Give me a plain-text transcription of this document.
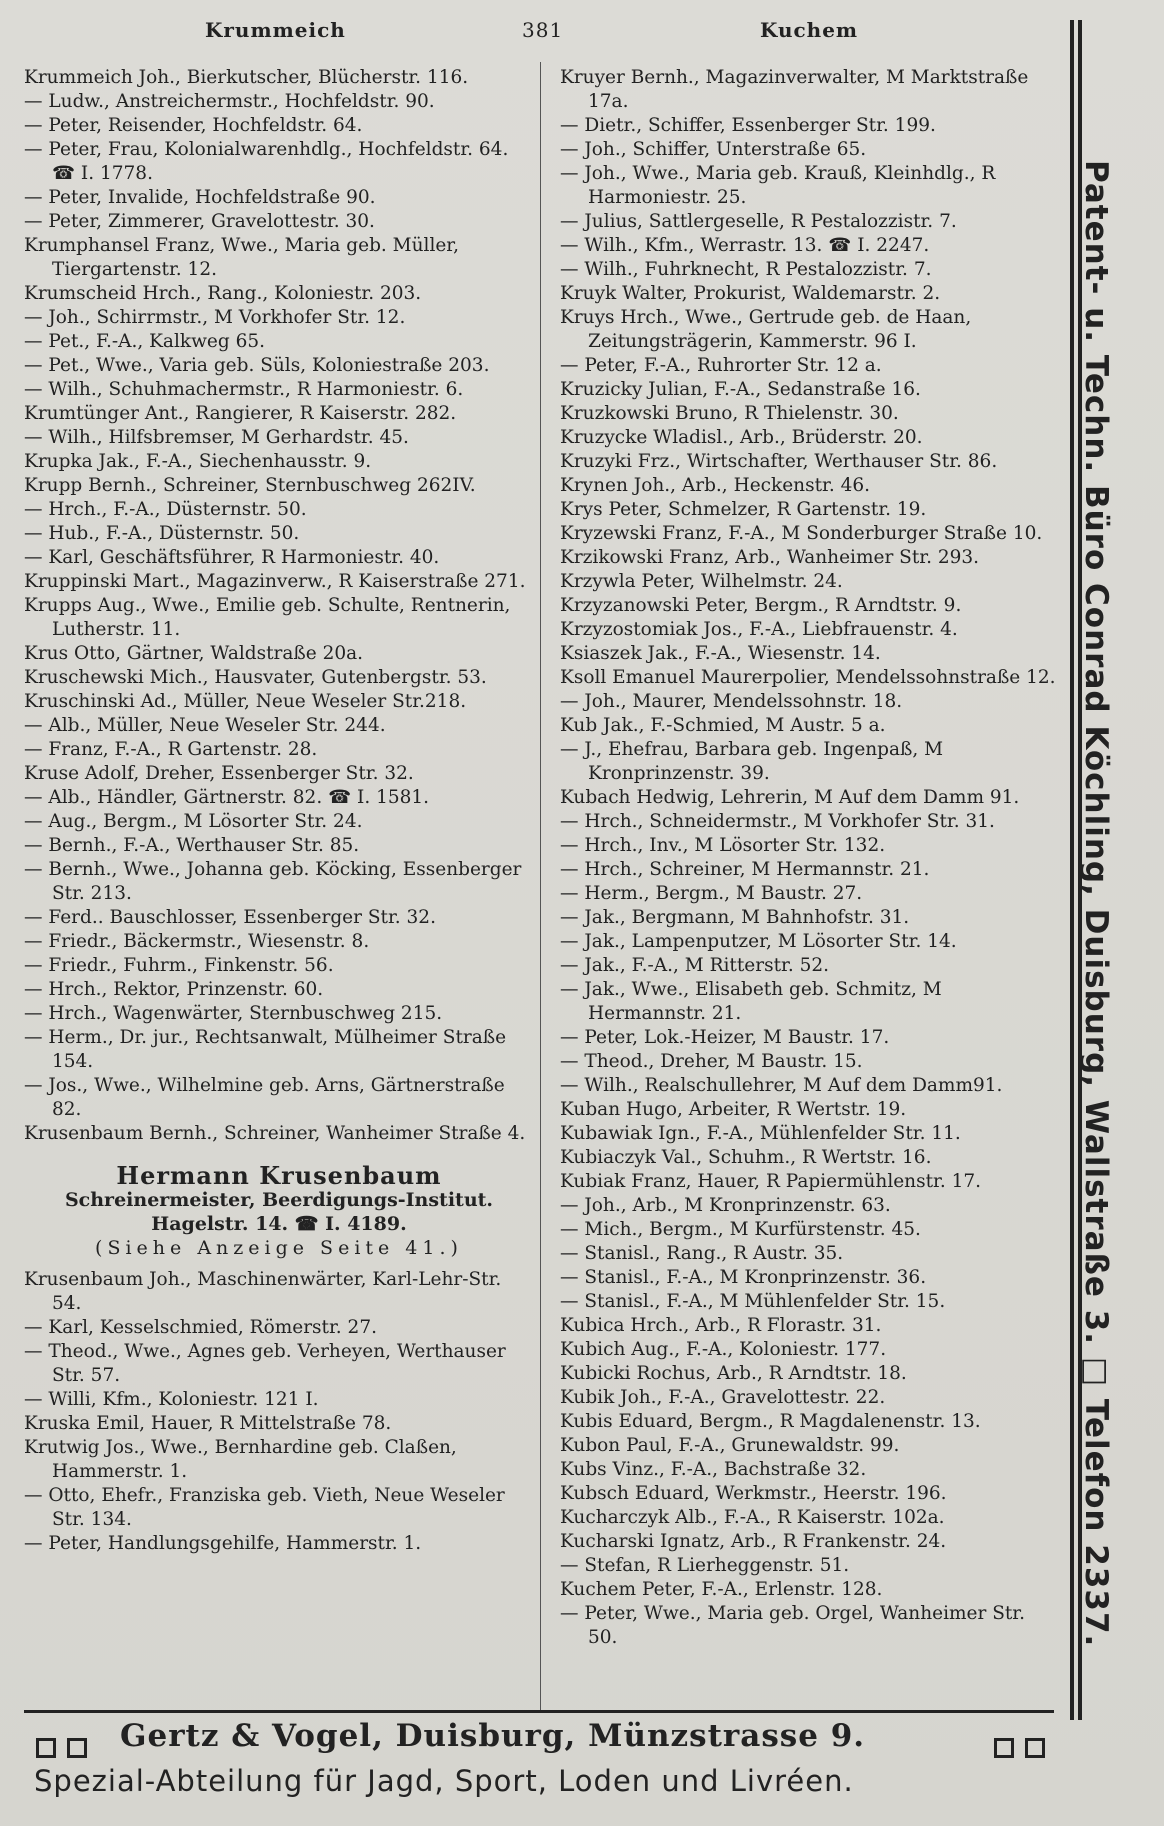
Krummeich	381	Kuchem

Krummeich Joh., Bierkutscher, Blücherstr. 116.

— Ludw., Anstreichermstr., Hochfeldstr. 90.

— Peter, Reisender, Hochfeldstr. 64.

— Peter, Frau, Kolonialwarenhdlg., Hochfeldstr. 64. ☎ I. 1778.

— Peter, Invalide, Hochfeldstraße 90.

— Peter, Zimmerer, Gravelottestr. 30.

Krumphansel Franz, Wwe., Maria geb. Müller, Tiergartenstr. 12.

Krumscheid Hrch., Rang., Koloniestr. 203.

— Joh., Schirrmstr., M Vorkhofer Str. 12.

— Pet., F.-A., Kalkweg 65.

— Pet., Wwe., Varia geb. Süls, Koloniestraße 203.

— Wilh., Schuhmachermstr., R Harmoniestr. 6.

Krumtünger Ant., Rangierer, R Kaiserstr. 282.

— Wilh., Hilfsbremser, M Gerhardstr. 45.

Krupka Jak., F.-A., Siechenhausstr. 9.

Krupp Bernh., Schreiner, Sternbuschweg 262IV.

— Hrch., F.-A., Düsternstr. 50.

— Hub., F.-A., Düsternstr. 50.

— Karl, Geschäftsführer, R Harmoniestr. 40.

Kruppinski Mart., Magazinverw., R Kaiserstraße 271.

Krupps Aug., Wwe., Emilie geb. Schulte, Rentnerin, Lutherstr. 11.

Krus Otto, Gärtner, Waldstraße 20a.

Kruschewski Mich., Hausvater, Gutenbergstr. 53.

Kruschinski Ad., Müller, Neue Weseler Str.218.

— Alb., Müller, Neue Weseler Str. 244.

— Franz, F.-A., R Gartenstr. 28.

Kruse Adolf, Dreher, Essenberger Str. 32.

— Alb., Händler, Gärtnerstr. 82. ☎ I. 1581.

— Aug., Bergm., M Lösorter Str. 24.

— Bernh., F.-A., Werthauser Str. 85.

— Bernh., Wwe., Johanna geb. Köcking, Essenberger Str. 213.

— Ferd.. Bauschlosser, Essenberger Str. 32.

— Friedr., Bäckermstr., Wiesenstr. 8.

— Friedr., Fuhrm., Finkenstr. 56.

— Hrch., Rektor, Prinzenstr. 60.

— Hrch., Wagenwärter, Sternbuschweg 215.

— Herm., Dr. jur., Rechtsanwalt, Mülheimer Straße 154.

— Jos., Wwe., Wilhelmine geb. Arns, Gärtnerstraße 82.

Krusenbaum Bernh., Schreiner, Wanheimer Straße 4.

Hermann Krusenbaum
Schreinermeister, Beerdigungs-Institut.
Hagelstr. 14. ☎ I. 4189.
(Siehe Anzeige Seite 41.)

Krusenbaum Joh., Maschinenwärter, Karl-Lehr-Str. 54.

— Karl, Kesselschmied, Römerstr. 27.

— Theod., Wwe., Agnes geb. Verheyen, Werthauser Str. 57.

— Willi, Kfm., Koloniestr. 121 I.

Kruska Emil, Hauer, R Mittelstraße 78.

Krutwig Jos., Wwe., Bernhardine geb. Claßen, Hammerstr. 1.

— Otto, Ehefr., Franziska geb. Vieth, Neue Weseler Str. 134.

— Peter, Handlungsgehilfe, Hammerstr. 1.

Kruyer Bernh., Magazinverwalter, M Marktstraße 17a.

— Dietr., Schiffer, Essenberger Str. 199.

— Joh., Schiffer, Unterstraße 65.

— Joh., Wwe., Maria geb. Krauß, Kleinhdlg., R Harmoniestr. 25.

— Julius, Sattlergeselle, R Pestalozzistr. 7.

— Wilh., Kfm., Werrastr. 13. ☎ I. 2247.

— Wilh., Fuhrknecht, R Pestalozzistr. 7.

Kruyk Walter, Prokurist, Waldemarstr. 2.

Kruys Hrch., Wwe., Gertrude geb. de Haan, Zeitungsträgerin, Kammerstr. 96 I.

— Peter, F.-A., Ruhrorter Str. 12 a.

Kruzicky Julian, F.-A., Sedanstraße 16.

Kruzkowski Bruno, R Thielenstr. 30.

Kruzycke Wladisl., Arb., Brüderstr. 20.

Kruzyki Frz., Wirtschafter, Werthauser Str. 86.

Krynen Joh., Arb., Heckenstr. 46.

Krys Peter, Schmelzer, R Gartenstr. 19.

Kryzewski Franz, F.-A., M Sonderburger Straße 10.

Krzikowski Franz, Arb., Wanheimer Str. 293.

Krzywla Peter, Wilhelmstr. 24.

Krzyzanowski Peter, Bergm., R Arndtstr. 9.

Krzyzostomiak Jos., F.-A., Liebfrauenstr. 4.

Ksiaszek Jak., F.-A., Wiesenstr. 14.

Ksoll Emanuel Maurerpolier, Mendelssohnstraße 12.

— Joh., Maurer, Mendelssohnstr. 18.

Kub Jak., F.-Schmied, M Austr. 5 a.

— J., Ehefrau, Barbara geb. Ingenpaß, M Kronprinzenstr. 39.

Kubach Hedwig, Lehrerin, M Auf dem Damm 91.

— Hrch., Schneidermstr., M Vorkhofer Str. 31.

— Hrch., Inv., M Lösorter Str. 132.

— Hrch., Schreiner, M Hermannstr. 21.

— Herm., Bergm., M Baustr. 27.

— Jak., Bergmann, M Bahnhofstr. 31.

— Jak., Lampenputzer, M Lösorter Str. 14.

— Jak., F.-A., M Ritterstr. 52.

— Jak., Wwe., Elisabeth geb. Schmitz, M Hermannstr. 21.

— Peter, Lok.-Heizer, M Baustr. 17.

— Theod., Dreher, M Baustr. 15.

— Wilh., Realschullehrer, M Auf dem Damm91.

Kuban Hugo, Arbeiter, R Wertstr. 19.

Kubawiak Ign., F.-A., Mühlenfelder Str. 11.

Kubiaczyk Val., Schuhm., R Wertstr. 16.

Kubiak Franz, Hauer, R Papiermühlenstr. 17.

— Joh., Arb., M Kronprinzenstr. 63.

— Mich., Bergm., M Kurfürstenstr. 45.

— Stanisl., Rang., R Austr. 35.

— Stanisl., F.-A., M Kronprinzenstr. 36.

— Stanisl., F.-A., M Mühlenfelder Str. 15.

Kubica Hrch., Arb., R Florastr. 31.

Kubich Aug., F.-A., Koloniestr. 177.

Kubicki Rochus, Arb., R Arndtstr. 18.

Kubik Joh., F.-A., Gravelottestr. 22.

Kubis Eduard, Bergm., R Magdalenenstr. 13.

Kubon Paul, F.-A., Grunewaldstr. 99.

Kubs Vinz., F.-A., Bachstraße 32.

Kubsch Eduard, Werkmstr., Heerstr. 196.

Kucharczyk Alb., F.-A., R Kaiserstr. 102a.

Kucharski Ignatz, Arb., R Frankenstr. 24.

— Stefan, R Lierheggenstr. 51.

Kuchem Peter, F.-A., Erlenstr. 128.

— Peter, Wwe., Maria geb. Orgel, Wanheimer Str. 50.	Patent- u. Techn. Büro Conrad Köchling, Duisburg, Wallstraße 3. □ Telefon 2337.

Gertz & Vogel, Duisburg, Münzstrasse 9.

Spezial-Abteilung für Jagd, Sport, Loden und Livréen.
